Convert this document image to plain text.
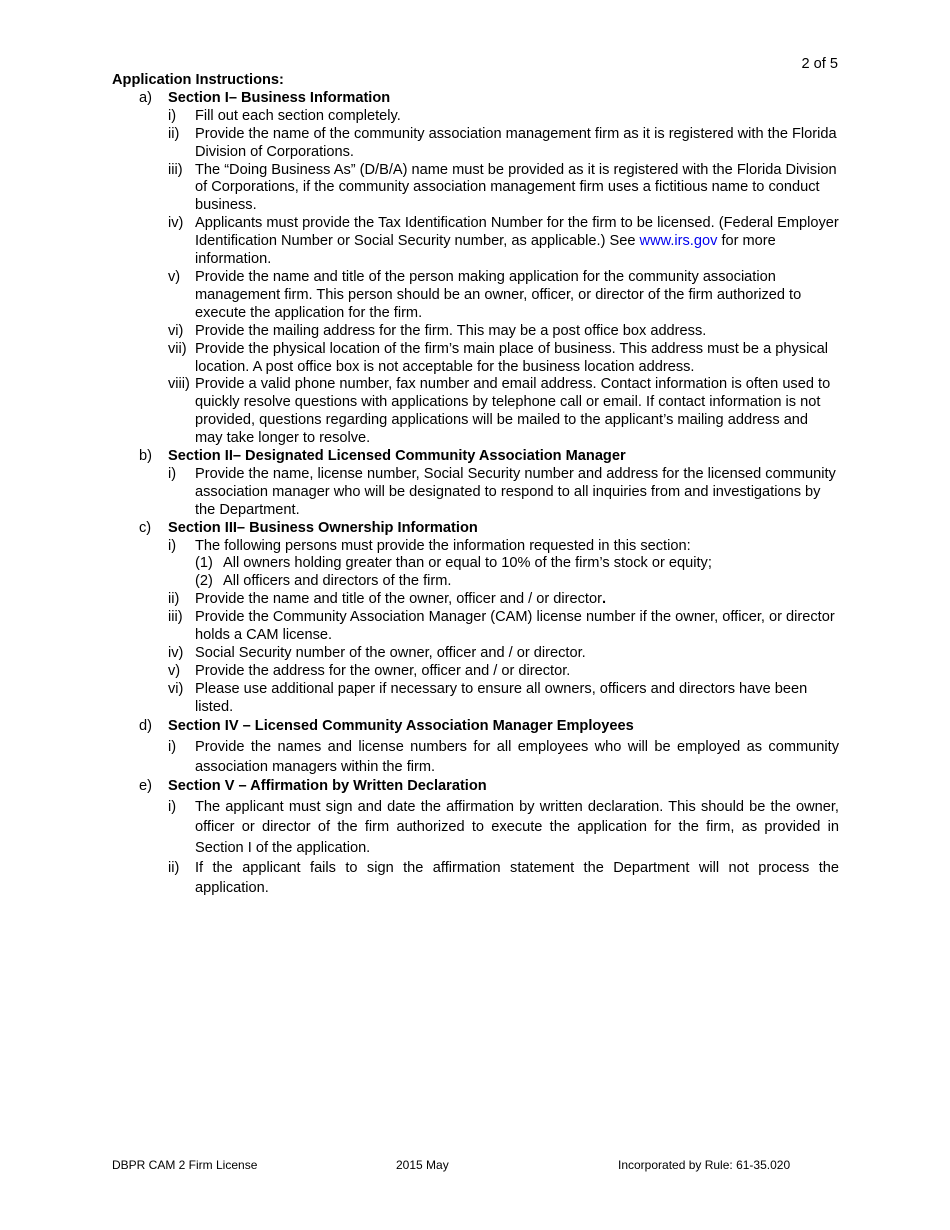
2 of 5

Application Instructions:

a) Section I– Business Information
i) Fill out each section completely.
ii) Provide the name of the community association management firm as it is registered with the Florida Division of Corporations.
iii) The “Doing Business As” (D/B/A) name must be provided as it is registered with the Florida Division of Corporations, if the community association management firm uses a fictitious name to conduct business.
iv) Applicants must provide the Tax Identification Number for the firm to be licensed. (Federal Employer Identification Number or Social Security number, as applicable.) See www.irs.gov for more information.
v) Provide the name and title of the person making application for the community association management firm. This person should be an owner, officer, or director of the firm authorized to execute the application for the firm.
vi) Provide the mailing address for the firm. This may be a post office box address.
vii) Provide the physical location of the firm’s main place of business. This address must be a physical location. A post office box is not acceptable for the business location address.
viii) Provide a valid phone number, fax number and email address. Contact information is often used to quickly resolve questions with applications by telephone call or email. If contact information is not provided, questions regarding applications will be mailed to the applicant’s mailing address and may take longer to resolve.
b) Section II– Designated Licensed Community Association Manager
i) Provide the name, license number, Social Security number and address for the licensed community association manager who will be designated to respond to all inquiries from and investigations by the Department.
c) Section III– Business Ownership Information
i) The following persons must provide the information requested in this section:
(1) All owners holding greater than or equal to 10% of the firm’s stock or equity;
(2) All officers and directors of the firm.
ii) Provide the name and title of the owner, officer and / or director.
iii) Provide the Community Association Manager (CAM) license number if the owner, officer, or director holds a CAM license.
iv) Social Security number of the owner, officer and / or director.
v) Provide the address for the owner, officer and / or director.
vi) Please use additional paper if necessary to ensure all owners, officers and directors have been listed.
d) Section IV – Licensed Community Association Manager Employees
i) Provide the names and license numbers for all employees who will be employed as community association managers within the firm.
e) Section V – Affirmation by Written Declaration
i) The applicant must sign and date the affirmation by written declaration. This should be the owner, officer or director of the firm authorized to execute the application for the firm, as provided in Section I of the application.
ii) If the applicant fails to sign the affirmation statement the Department will not process the application.
DBPR CAM 2 Firm License	2015 May	Incorporated by Rule: 61-35.020
